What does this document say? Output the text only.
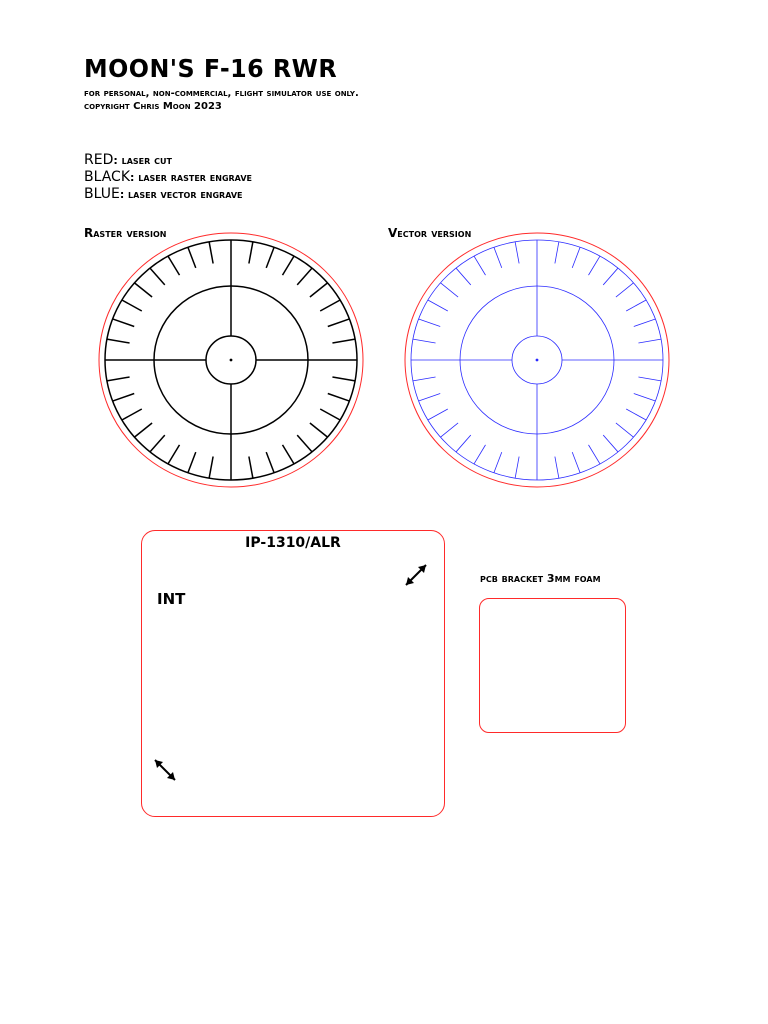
MOON'S F-16 RWR
for personal, non-commercial, flight simulator use only.
copyright Chris Moon 2023
RED: laser cut
BLACK: laser raster engrave
BLUE: laser vector engrave
Raster version	Vector version
IP-1310/ALR
INT
pcb bracket 3mm foam
